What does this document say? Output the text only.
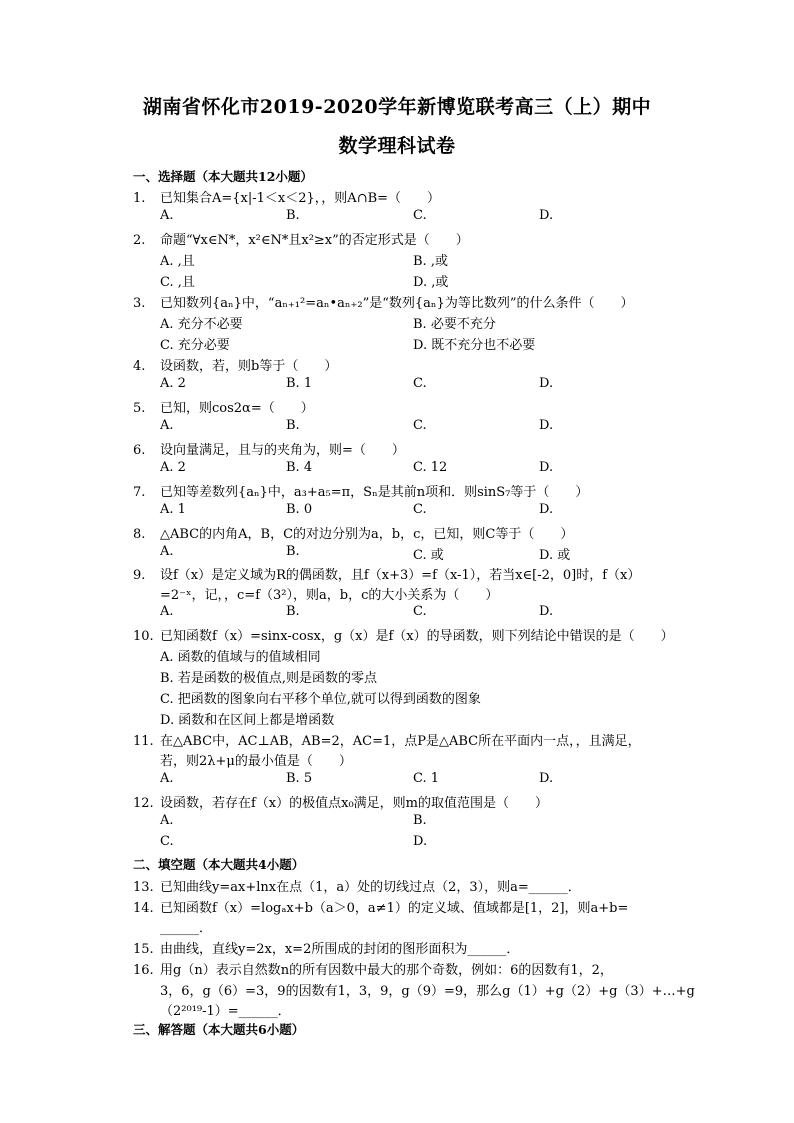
湖南省怀化市2019-2020学年新博览联考高三（上）期中
数学理科试卷
一、选择题（本大题共12小题）
1. 已知集合A={x|-1＜x＜2}，，则A∩B=（　　）
A.	B.	C.	D.
2. 命题“∀x∈N*，x²∈N*且x²≥x”的否定形式是（　　）
A. ,且	B. ,或
C. ,且	D. ,或
3. 已知数列{aₙ}中，“aₙ₊₁²=aₙ•aₙ₊₂”是“数列{aₙ}为等比数列”的什么条件（　　）
A. 充分不必要	B. 必要不充分
C. 充分必要	D. 既不充分也不必要
4. 设函数，若，则b等于（　　）
A. 2	B. 1	C.	D.
5. 已知，则cos2α=（　　）
A.	B.	C.	D.
6. 设向量满足，且与的夹角为，则=（　　）
A. 2	B. 4	C. 12	D.
7. 已知等差数列{aₙ}中，a₃+a₅=π，Sₙ是其前n项和．则sinS₇等于（　　）
A. 1	B. 0	C.	D.
8. △ABC的内角A，B，C的对边分别为a，b，c，已知，则C等于（　　）
A.	B.	C. 或	D. 或
9. 设f（x）是定义域为R的偶函数，且f（x+3）=f（x-1），若当x∈[-2，0]时，f（x）
=2⁻ˣ，记，，c=f（3²），则a，b，c的大小关系为（　　）
A.	B.	C.	D.
10. 已知函数f（x）=sinx-cosx，g（x）是f（x）的导函数，则下列结论中错误的是（　　）
A. 函数的值域与的值域相同
B. 若是函数的极值点,则是函数的零点
C. 把函数的图象向右平移个单位,就可以得到函数的图象
D. 函数和在区间上都是增函数
11. 在△ABC中，AC⊥AB，AB=2，AC=1，点P是△ABC所在平面内一点，，且满足，
若，则2λ+μ的最小值是（　　）
A.	B. 5	C. 1	D.
12. 设函数，若存在f（x）的极值点x₀满足，则m的取值范围是（　　）
A.	B.
C.	D.
二、填空题（本大题共4小题）
13. 已知曲线y=ax+lnx在点（1，a）处的切线过点（2，3），则a=______．
14. 已知函数f（x）=logₐx+b（a＞0，a≠1）的定义域、值域都是[1，2]，则a+b=
______．
15. 由曲线，直线y=2x，x=2所围成的封闭的图形面积为______．
16. 用g（n）表示自然数n的所有因数中最大的那个奇数，例如：6的因数有1，2，
3，6，g（6）=3，9的因数有1，3，9，g（9）=9，那么g（1）+g（2）+g（3）+…+g
（2²⁰¹⁹-1）=______．
三、解答题（本大题共6小题）
